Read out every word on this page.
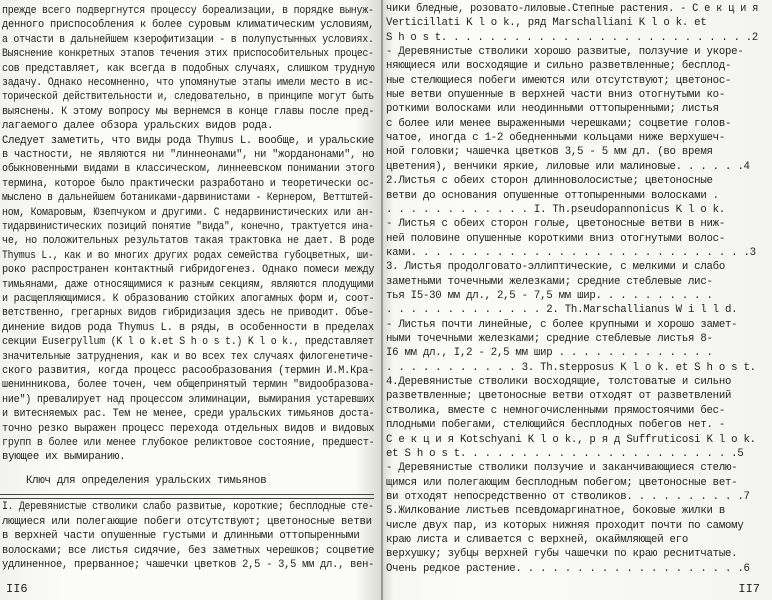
прежде всего подвергнутся процессу бореализации, в порядке вынуж-
денного приспособления к более суровым климатическим условиям,
а отчасти в дальнейшем кзерофитизации - в полупустынных условиях.
Выяснение конкретных этапов течения этих приспособительных процес-
сов представляет, как всегда в подобных случаях, слишком трудную
задачу. Однако несомненно, что упомянутые этапы имели место в ис-
торической действительности и, следовательно, в принципе могут быть
выяснены. К этому вопросу мы вернемся в конце главы после пред-
лагаемого далее обзора уральских видов рода.
Следует заметить, что виды рода Thymus L. вообще, и уральские
в частности, не являются ни "линнеонами", ни "жорданонами", но
обыкновенными видами в классическом, линнеевском понимании этого
термина, которое было практически разработано и теоретически ос-
мыслено в дальнейшем ботаниками-дарвинистами - Кернером, Веттштей-
ном, Комаровым, Юзепчуком и другими. С недарвинистических или ан-
тидарвинистических позиций понятие "вида", конечно, трактуется ина-
че, но положительных результатов такая трактовка не дает. В роде
Thymus L., как и во многих других родах семейства губоцветных, ши-
роко распространен контактный гибридогенез. Однако помеси между
тимьянами, даже относящимися к разным секциям, являются плодущими
и расщепляющимися. К образованию стойких апогамных форм и, соот-
ветственно, грегарных видов гибридизация здесь не приводит. Объе-
динение видов рода Thymus L. в ряды, в особенности в пределах
секции Euserpyllum (K l o k.et S h o s t.) K l o k., представляет
значительные затруднения, как и во всех тех случаях филогенетиче-
ского развития, когда процесс расообразования (термин И.М.Кра-
шенинникова, более точен, чем общепринятый термин "видообразова-
ние") превалирует над процессом элиминации, вымирания устаревших
и витесняемых рас. Тем не менее, среди уральских тимьянов доста-
точно резко выражен процесс перехода отдельных видов и видовых
групп в более или менее глубокое реликтовое состояние, предшест-
вующее их вымиранию.
Ключ для определения уральских тимьянов
I. Деревянистые стволики слабо развитые, короткие; бесплодные сте-
лющиеся или полегающие побеги отсутствуют; цветоносные ветви
в верхней части опушенные густыми и длинными оттопыренными
волосками; все листья сидячие, без заметных черешков; соцветие
удлиненное, прерванное; чашечки цветков 2,5 - 3,5 мм дл., вен-
II6
чики бледные, розовато-лиловые.Степные растения. - С е к ц и я
Verticillati K l o k., ряд Marschalliani K l o k. et
S h o s t. . . . . . . . . . . . . . . . . . . . . . . . . .2
- Деревянистые стволики хорошо развитые, ползучие и укоре-
няющиеся или восходящие и сильно разветвленные; бесплод-
ные стелющиеся побеги имеются или отсутствуют; цветонос-
ные ветви опушенные в верхней части вниз отогнутыми ко-
роткими волосками или неодинными оттопыренными; листья
с более или менее выраженными черешками; соцветие голов-
чатое, иногда с 1-2 обедненными кольцами ниже верхушеч-
ной головки; чашечка цветков 3,5 - 5 мм дл. (во время
цветения), венчики яркие, лиловые или малиновые. . . . . .4
2.Листья с обеих сторон длинноволосистые; цветоносные
ветви до основания опушенные оттопыренными волосками .
. . . . . . . . . . . . I. Th.pseudopannonicus K l o k.
- Листья с обеих сторон голые, цветоносные ветви в ниж-
ней половине опушенные короткими вниз отогнутыми волос-
ками. . . . . . . . . . . . . . . . . . . . . . . . . . . .3
3. Листья продолговато-эллиптические, с мелкими и слабо
заметными точечными железками; средние стеблевые лис-
тья I5-30 мм дл., 2,5 - 7,5 мм шир. . . . . . . . . .
. . . . . . . . . . . . . 2. Th.Marschallianus W i l l d.
- Листья почти линейные, с более крупными и хорошо замет-
ными точечными железками; средние стеблевые листья 8-
I6 мм дл., I,2 - 2,5 мм шир . . . . . . . . . . . . .
. . . . . . . . . . . 3. Th.stepposus K l o k. et S h o s t.
4.Деревянистые стволики восходящие, толстоватые и сильно
разветвленные; цветоносные ветви отходят от разветвлений
стволика, вместе с немногочисленными прямостоячими бес-
плодными побегами, стелющийся бесплодных побегов нет. -
С е к ц и я Kotschyani K l o k., р я д Suffruticosi K l o k.
et S h o s t. . . . . . . . . . . . . . . . . . . . . . .5
- Деревянистые стволики ползучие и заканчивающиеся стелю-
щимся или полегающим бесплодным побегом; цветоносные вет-
ви отходят непосредственно от стволиков. . . . . . . . . .7
5.Жилкование листьев псевдомаргинатное, боковые жилки в
числе двух пар, из которых нижняя проходит почти по самому
краю листа и сливается с верхней, окаймляющей его
верхушку; зубцы верхней губы чашечки по краю реснитчатые.
Очень редкое растение. . . . . . . . . . . . . . . . . . .6
II7
